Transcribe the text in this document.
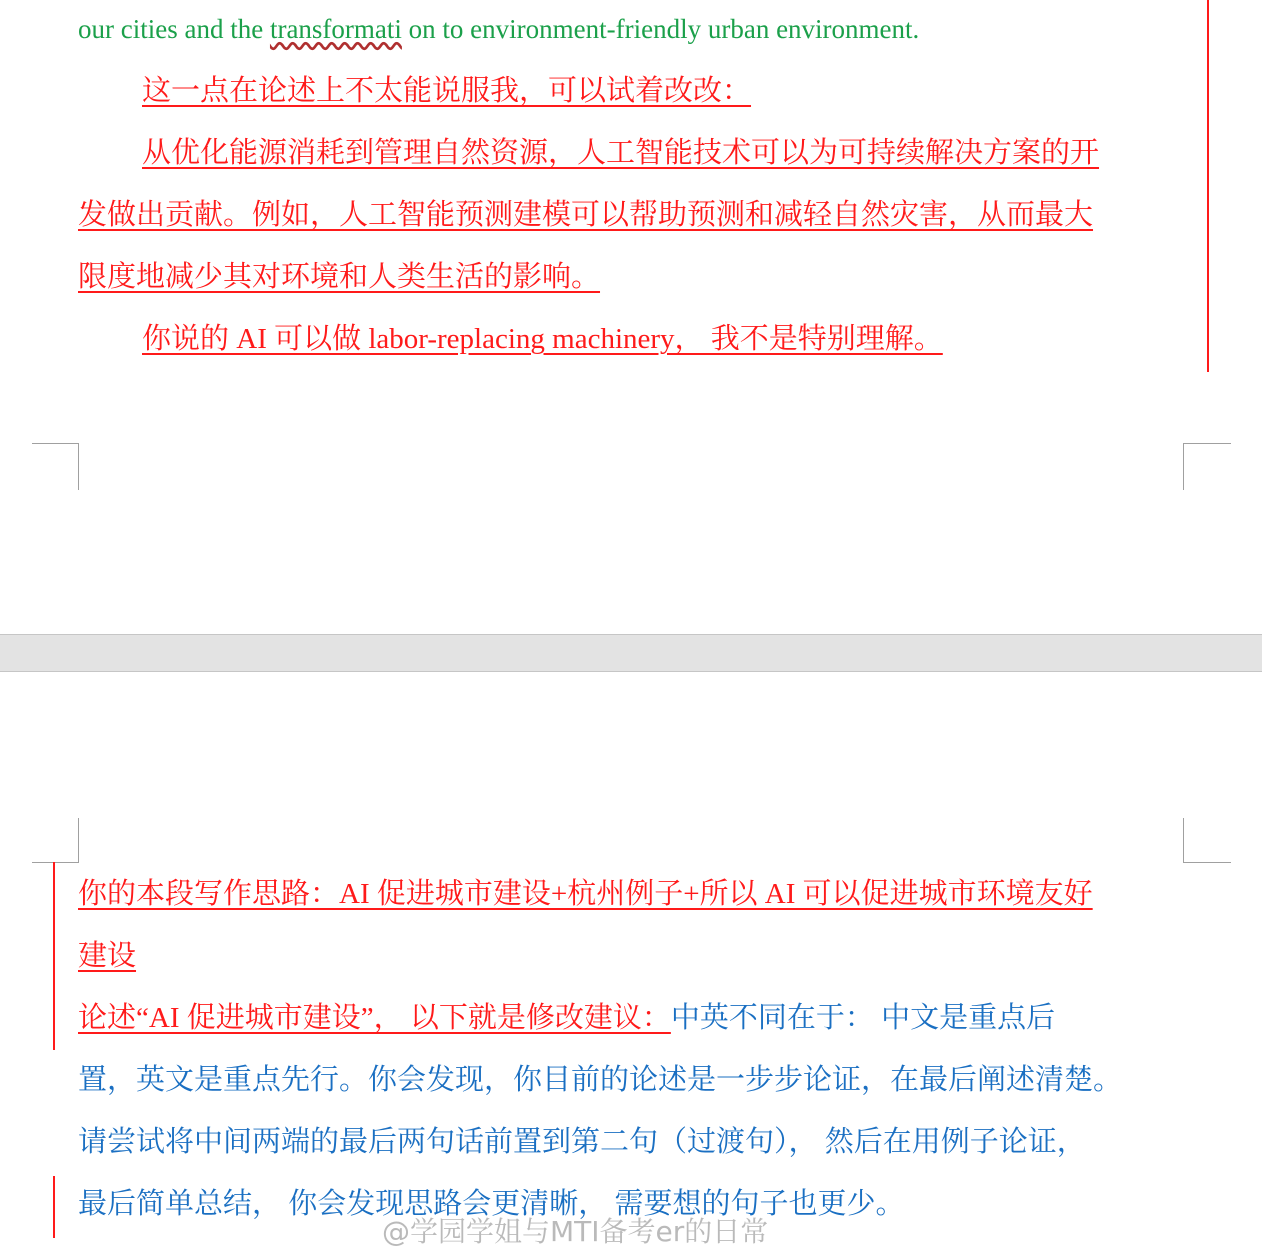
our cities and the transformati on to environment-friendly urban environment.
这一点在论述上不太能说服我，可以试着改改：
从优化能源消耗到管理自然资源，人工智能技术可以为可持续解决方案的开
发做出贡献。例如，人工智能预测建模可以帮助预测和减轻自然灾害，从而最大
限度地减少其对环境和人类生活的影响。
你说的 AI 可以做 labor-replacing machinery， 我不是特别理解。
你的本段写作思路：AI 促进城市建设+杭州例子+所以 AI 可以促进城市环境友好
建设
论述“AI 促进城市建设”， 以下就是修改建议：中英不同在于： 中文是重点后
置，英文是重点先行。你会发现，你目前的论述是一步步论证，在最后阐述清楚。
请尝试将中间两端的最后两句话前置到第二句（过渡句）， 然后在用例子论证，
最后简单总结， 你会发现思路会更清晰， 需要想的句子也更少。
@学园学姐与MTI备考er的日常
